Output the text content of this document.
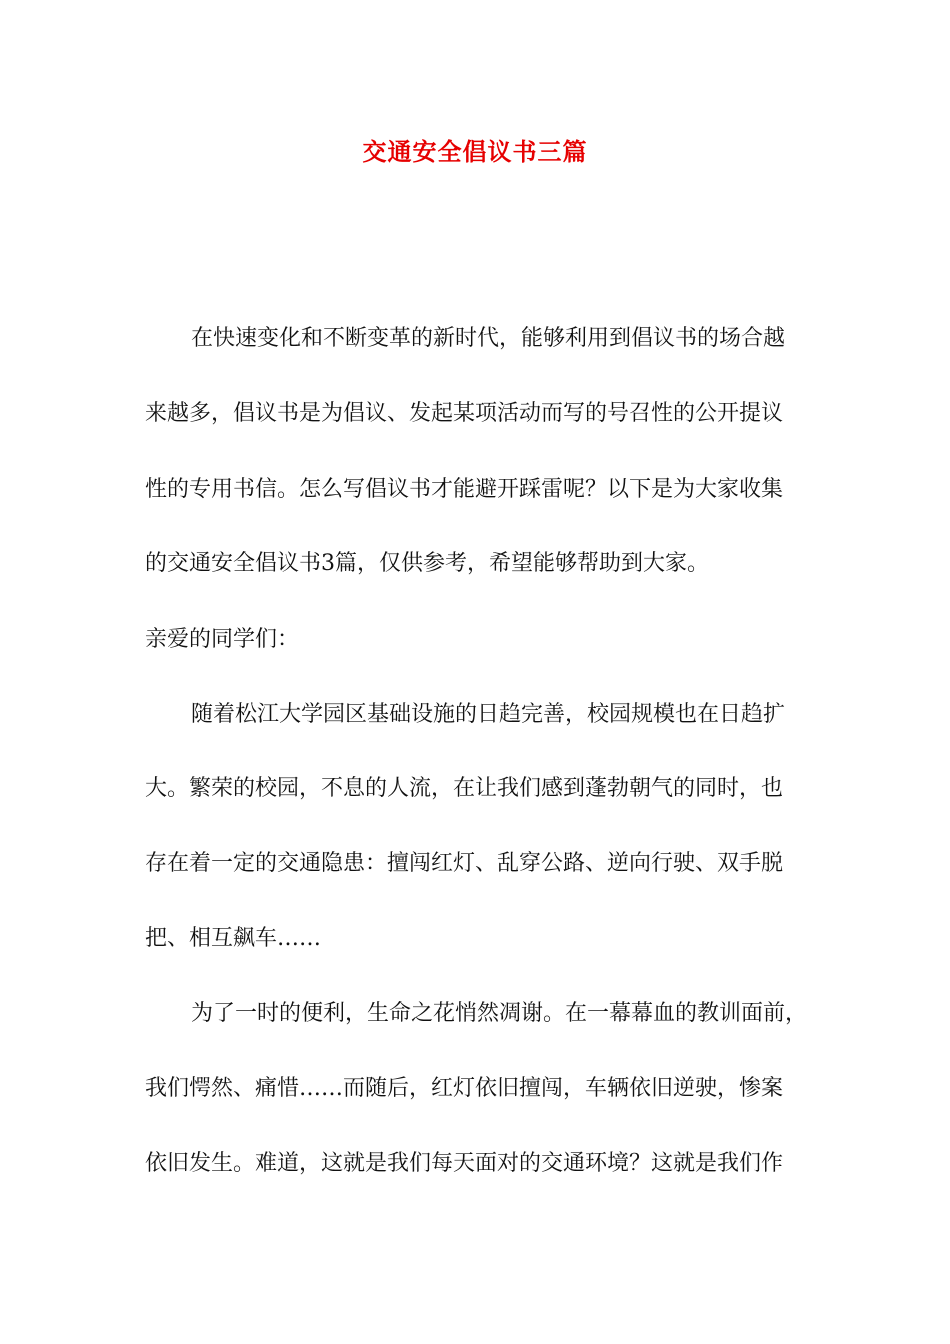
交通安全倡议书三篇
在快速变化和不断变革的新时代，能够利用到倡议书的场合越
来越多，倡议书是为倡议、发起某项活动而写的号召性的公开提议
性的专用书信。怎么写倡议书才能避开踩雷呢？以下是为大家收集
的交通安全倡议书3篇，仅供参考，希望能够帮助到大家。
亲爱的同学们：
随着松江大学园区基础设施的日趋完善，校园规模也在日趋扩
大。繁荣的校园，不息的人流，在让我们感到蓬勃朝气的同时，也
存在着一定的交通隐患：擅闯红灯、乱穿公路、逆向行驶、双手脱
把、相互飙车……
为了一时的便利，生命之花悄然凋谢。在一幕幕血的教训面前，
我们愕然、痛惜……而随后，红灯依旧擅闯，车辆依旧逆驶，惨案
依旧发生。难道，这就是我们每天面对的交通环境？这就是我们作
